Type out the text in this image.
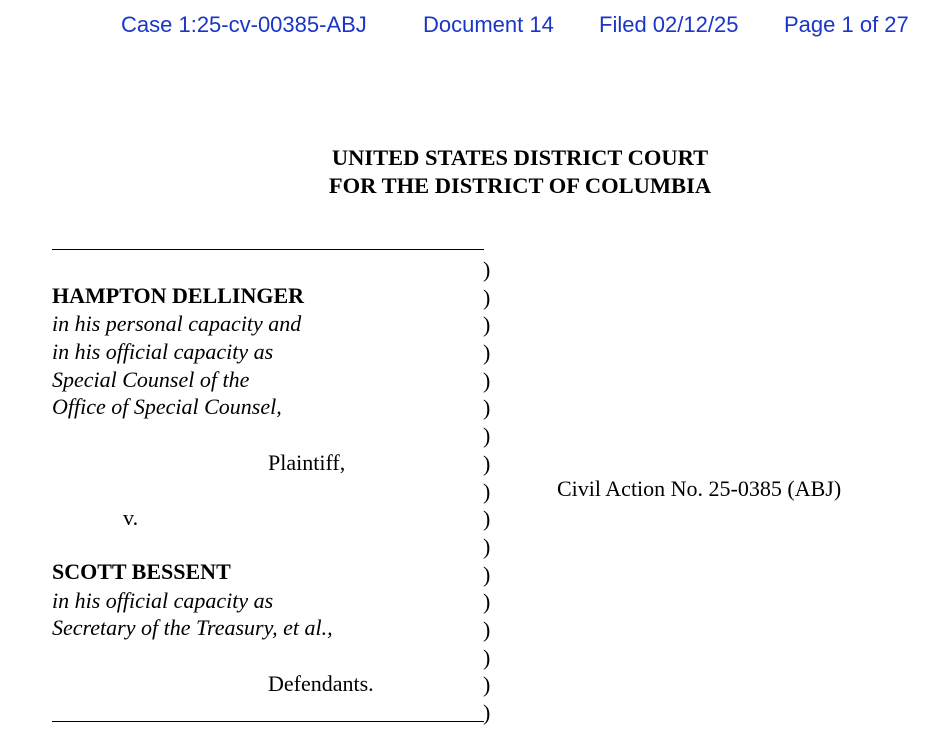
Case 1:25-cv-00385-ABJ	Document 14 Filed 02/12/25 Page 1 of 27
UNITED STATES DISTRICT COURT
FOR THE DISTRICT OF COLUMBIA
HAMPTON DELLINGER
in his personal capacity and
in his official capacity as
Special Counsel of the
Office of Special Counsel,
Plaintiff,
v.
SCOTT BESSENT
in his official capacity as
Secretary of the Treasury, et al.,
Defendants.
)
)
)
)
)
)
)
)
)
)
)
)
)
)
)
)
)
Civil Action No. 25-0385 (ABJ)
